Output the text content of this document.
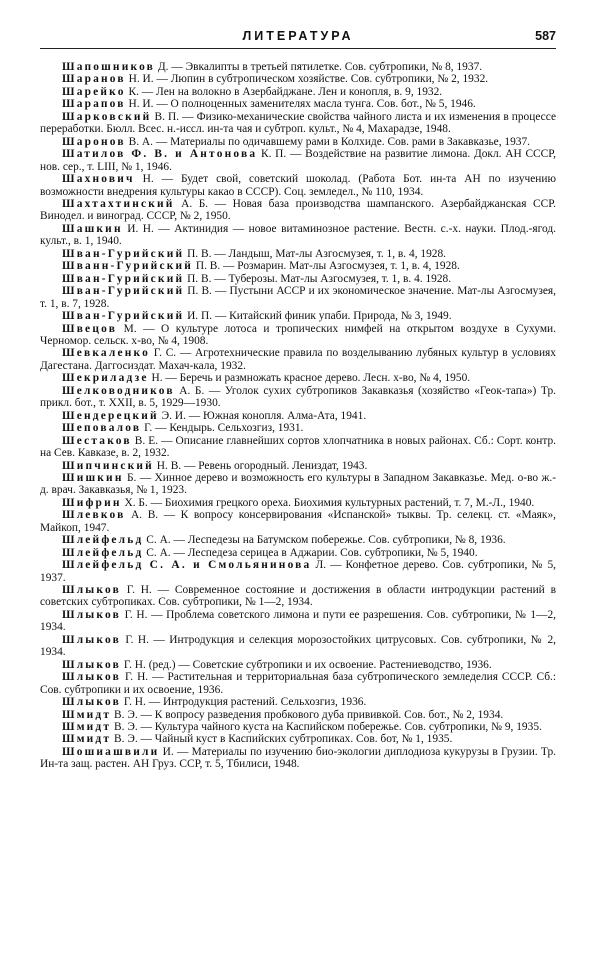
ЛИТЕРАТУРА	587

Шапошников Д. — Эвкалипты в третьей пятилетке. Сов. субтропики, № 8, 1937.

Шаранов Н. И. — Люпин в субтропическом хозяйстве. Сов. субтропики, № 2, 1932.

Шарейко К. — Лен на волокно в Азербайджане. Лен и конопля, в. 9, 1932.

Шарапов Н. И. — О полноценных заменителях масла тунга. Сов. бот., № 5, 1946.

Шарковский В. П. — Физико-механические свойства чайного листа и их изменения в процессе переработки. Бюлл. Всес. н.-иссл. ин-та чая и субтроп. культ., № 4, Махарадзе, 1948.

Шаронов В. А. — Материалы по одичавшему рами в Колхиде. Сов. рами в Закавказье, 1937.

Шатилов Ф. В. и Антонова К. П. — Воздействие на развитие лимона. Докл. АН СССР, нов. сер., т. LIII, № 1, 1946.

Шахнович Н. — Будет свой, советский шоколад. (Работа Бот. ин-та АН по изучению возможности внедрения культуры какао в СССР). Соц. земледел., № 110, 1934.

Шахтахтинский А. Б. — Новая база производства шампанского. Азербайджанская ССР. Винодел. и виноград. СССР, № 2, 1950.

Шашкин И. Н. — Актинидия — новое витаминозное растение. Вестн. с.-х. науки. Плод.-ягод. культ., в. 1, 1940.

Шван-Гурийский П. В. — Ландыш, Мат-лы Азгосмузея, т. 1, в. 4, 1928.

Шванн-Гурийский П. В. — Розмарин. Мат-лы Азгосмузея, т. 1, в. 4, 1928.

Шван-Гурийский П. В. — Туберозы. Мат-лы Азгосмузея, т. 1, в. 4. 1928.

Шван-Гурийский П. В. — Пустыни АССР и их экономическое значение. Мат-лы Азгосмузея, т. 1, в. 7, 1928.

Шван-Гурийский И. П. — Китайский финик упаби. Природа, № 3, 1949.

Швецов М. — О культуре лотоса и тропических нимфей на открытом воздухе в Сухуми. Черномор. сельск. х-во, № 4, 1908.

Шевкаленко Г. С. — Агротехнические правила по возделыванию лубяных культур в условиях Дагестана. Даггосиздат. Махач-кала, 1932.

Шекриладзе Н. — Беречь и размножать красное дерево. Лесн. х-во, № 4, 1950.

Шелководников А. Б. — Уголок сухих субтропиков Закавказья (хозяйство «Геок-тапа») Тр. прикл. бот., т. XXII, в. 5, 1929—1930.

Шендерецкий Э. И. — Южная конопля. Алма-Ата, 1941.

Шеповалов Г. — Кендырь. Сельхозгиз, 1931.

Шестаков В. Е. — Описание главнейших сортов хлопчатника в новых районах. Сб.: Сорт. контр. на Сев. Кавказе, в. 2, 1932.

Шипчинский Н. В. — Ревень огородный. Лениздат, 1943.

Шишкин Б. — Хинное дерево и возможность его культуры в Западном Закавказье. Мед. о-во ж.-д. врач. Закавказья, № 1, 1923.

Шифрин Х. Б. — Биохимия грецкого ореха. Биохимия культурных растений, т. 7, М.-Л., 1940.

Шлевков А. В. — К вопросу консервирования «Испанской» тыквы. Тр. селекц. ст. «Маяк», Майкоп, 1947.

Шлейфельд С. А. — Леспедезы на Батумском побережье. Сов. субтропики, № 8, 1936.

Шлейфельд С. А. — Леспедеза серицеа в Аджарии. Сов. субтропики, № 5, 1940.

Шлейфельд С. А. и Смольянинова Л. — Конфетное дерево. Сов. субтропики, № 5, 1937.

Шлыков Г. Н. — Современное состояние и достижения в области интродукции растений в советских субтропиках. Сов. субтропики, № 1—2, 1934.

Шлыков Г. Н. — Проблема советского лимона и пути ее разрешения. Сов. субтропики, № 1—2, 1934.

Шлыков Г. Н. — Интродукция и селекция морозостойких цитрусовых. Сов. субтропики, № 2, 1934.

Шлыков Г. Н. (ред.) — Советские субтропики и их освоение. Растениеводство, 1936.

Шлыков Г. Н. — Растительная и территориальная база субтропического земледелия СССР. Сб.: Сов. субтропики и их освоение, 1936.

Шлыков Г. Н. — Интродукция растений. Сельхозгиз, 1936.

Шмидт В. Э. — К вопросу разведения пробкового дуба прививкой. Сов. бот., № 2, 1934.

Шмидт В. Э. — Культура чайного куста на Каспийском побережье. Сов. субтропики, № 9, 1935.

Шмидт В. Э. — Чайный куст в Каспийских субтропиках. Сов. бот, № 1, 1935.

Шошиашвили И. — Материалы по изучению био-экологии диплодиоза кукурузы в Грузии. Тр. Ин-та защ. растен. АН Груз. ССР, т. 5, Тбилиси, 1948.
